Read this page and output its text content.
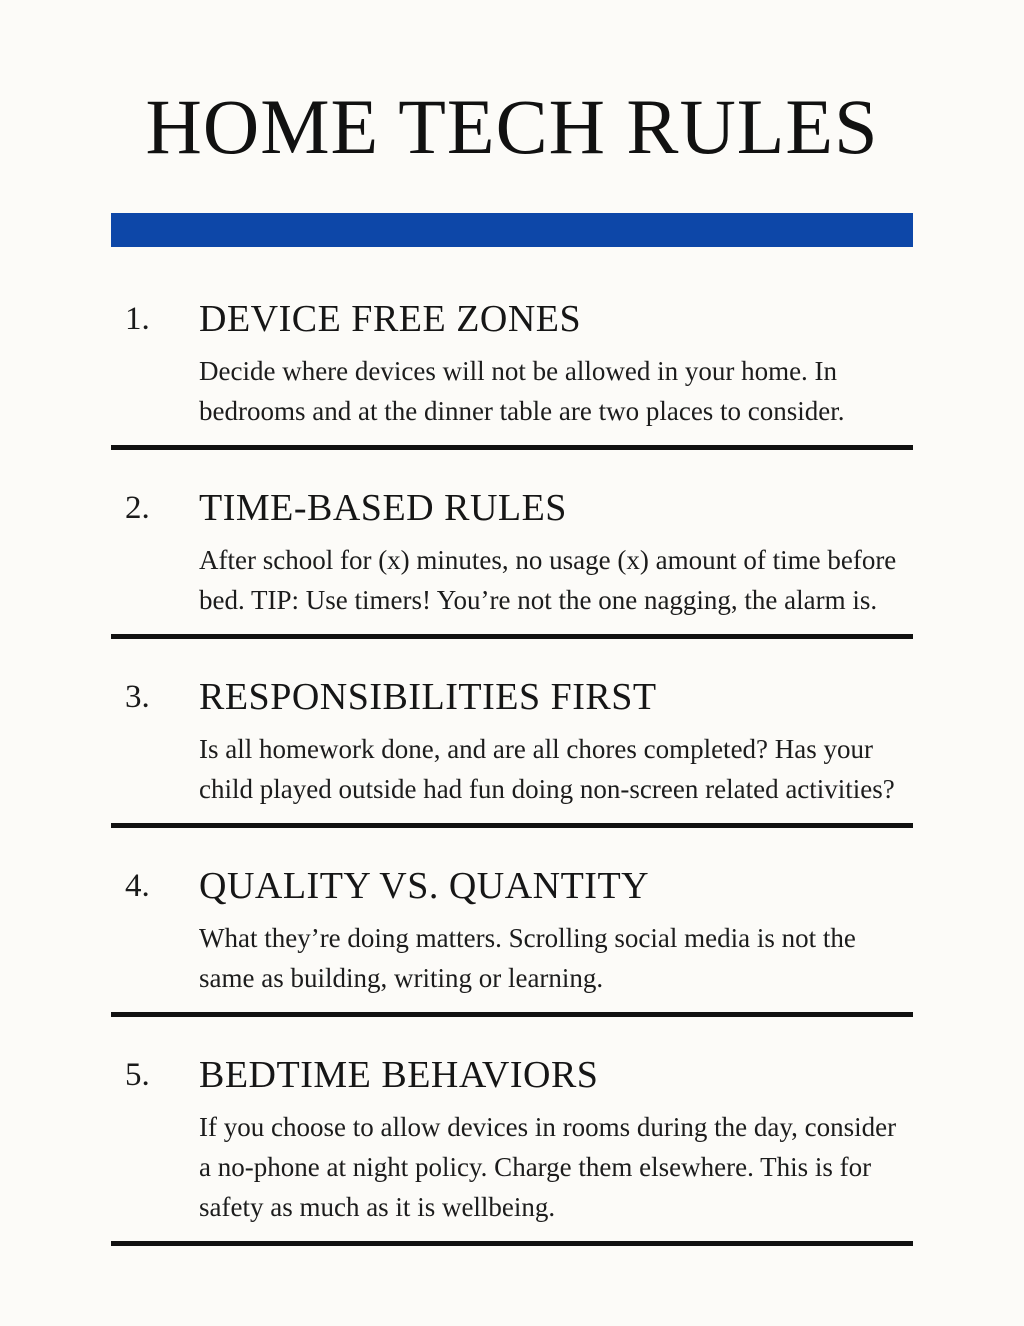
HOME TECH RULES
1.	DEVICE FREE ZONES

Decide where devices will not be allowed in your home. In bedrooms and at the dinner table are two places to consider.

2.	TIME-BASED RULES

After school for (x) minutes, no usage (x) amount of time before bed. TIP: Use timers! You’re not the one nagging, the alarm is.

3.	RESPONSIBILITIES FIRST

Is all homework done, and are all chores completed? Has your child played outside had fun doing non-screen related activities?

4.	QUALITY VS. QUANTITY

What they’re doing matters. Scrolling social media is not the same as building, writing or learning.

5.	BEDTIME BEHAVIORS

If you choose to allow devices in rooms during the day, consider a no-phone at night policy. Charge them elsewhere. This is for safety as much as it is wellbeing.
